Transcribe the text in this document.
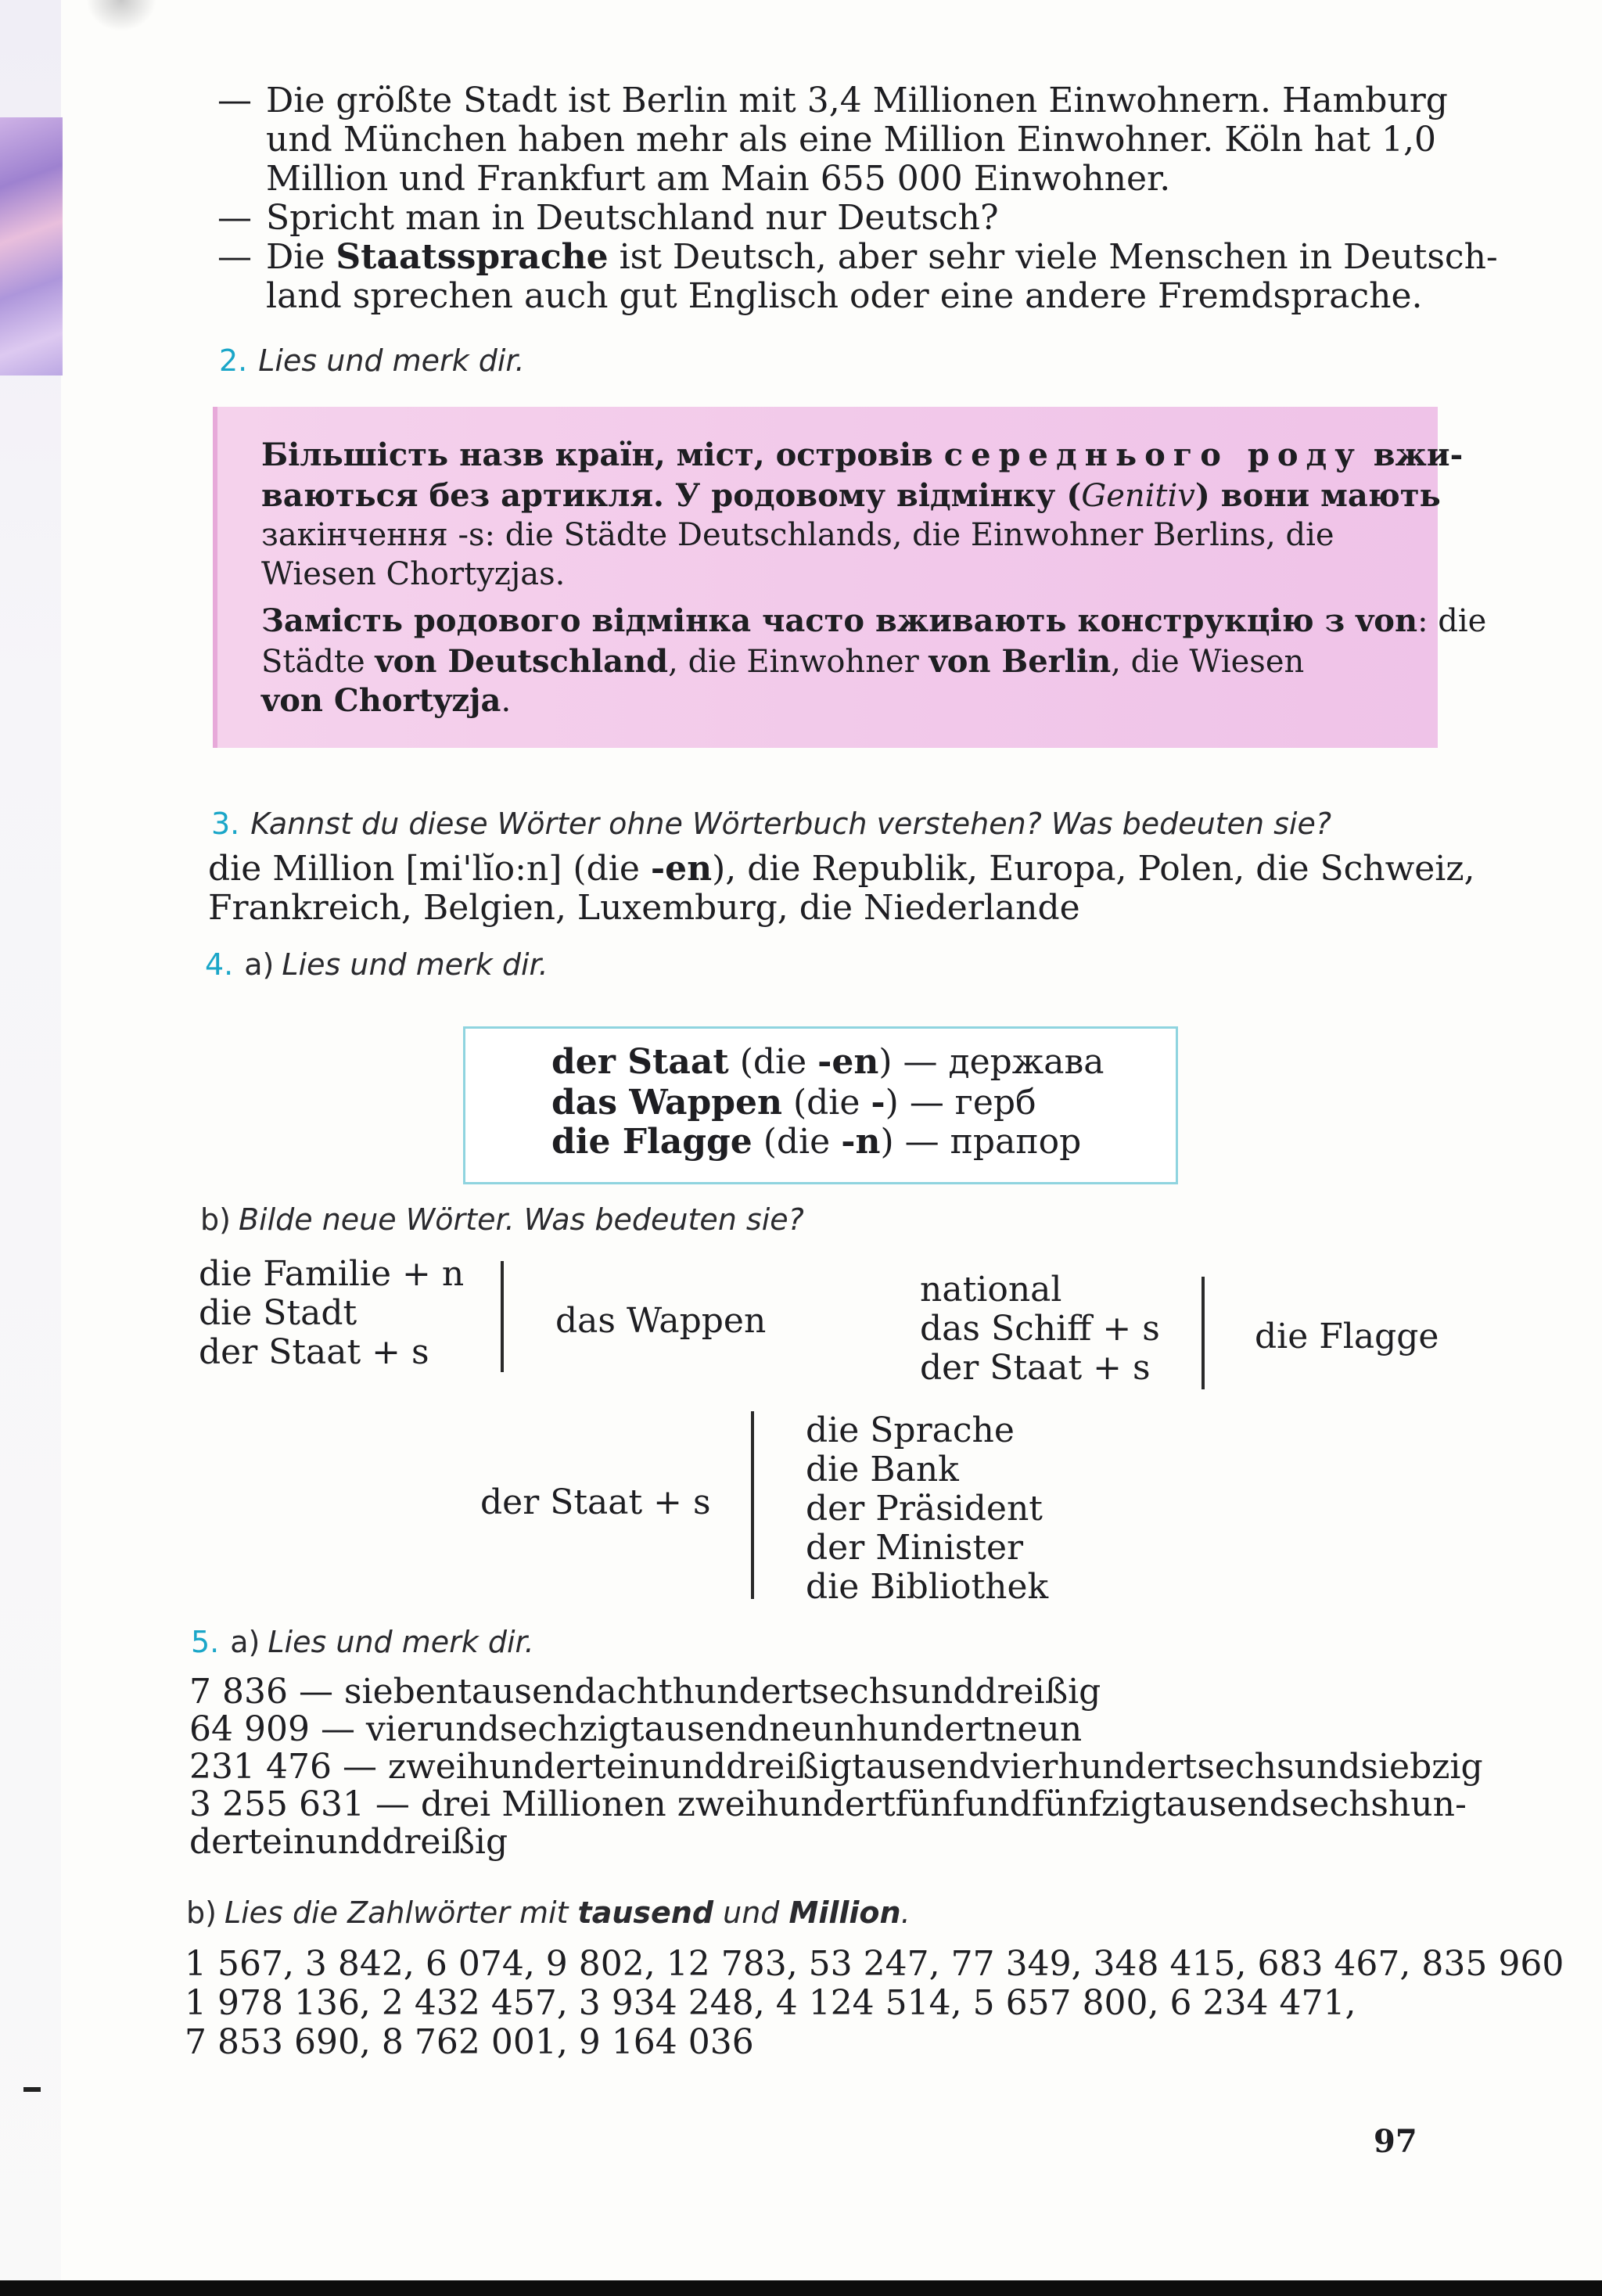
— Die größte Stadt ist Berlin mit 3,4 Millionen Einwohnern. Hamburg
und München haben mehr als eine Million Einwohner. Köln hat 1,0
Million und Frankfurt am Main 655 000 Einwohner.
— Spricht man in Deutschland nur Deutsch?
— Die Staatssprache ist Deutsch, aber sehr viele Menschen in Deutsch-
land sprechen auch gut Englisch oder eine andere Fremdsprache.
2. Lies und merk dir.
Більшість назв країн, міст, островів середнього роду вжи-
ваються без артикля. У родовому відмінку (Genitiv) вони мають
закінчення -s: die Städte Deutschlands, die Einwohner Berlins, die
Wiesen Chortyzjas.
Замість родового відмінка часто вживають конструкцію з von: die
Städte von Deutschland, die Einwohner von Berlin, die Wiesen
von Chortyzja.
3. Kannst du diese Wörter ohne Wörterbuch verstehen? Was bedeuten sie?
die Million [mi'lĭo:n] (die -en), die Republik, Europa, Polen, die Schweiz,
Frankreich, Belgien, Luxemburg, die Niederlande
4. a) Lies und merk dir.
der Staat (die -en) — держава
das Wappen (die -) — герб
die Flagge (die -n) — прапор
b) Bilde neue Wörter. Was bedeuten sie?
die Familie + n
die Stadt
der Staat + s
das Wappen
national
das Schiff + s
der Staat + s
die Flagge
der Staat + s
die Sprache
die Bank
der Präsident
der Minister
die Bibliothek
5. a) Lies und merk dir.
7 836 — siebentausendachthundertsechsunddreißig
64 909 — vierundsechzigtausendneunhundertneun
231 476 — zweihunderteinunddreißigtausendvierhundertsechsundsiebzig
3 255 631 — drei Millionen zweihundertfünfundfünfzigtausendsechshun-
derteinunddreißig
b) Lies die Zahlwörter mit tausend und Million.
1 567, 3 842, 6 074, 9 802, 12 783, 53 247, 77 349, 348 415, 683 467, 835 960
1 978 136, 2 432 457, 3 934 248, 4 124 514, 5 657 800, 6 234 471,
7 853 690, 8 762 001, 9 164 036
97
